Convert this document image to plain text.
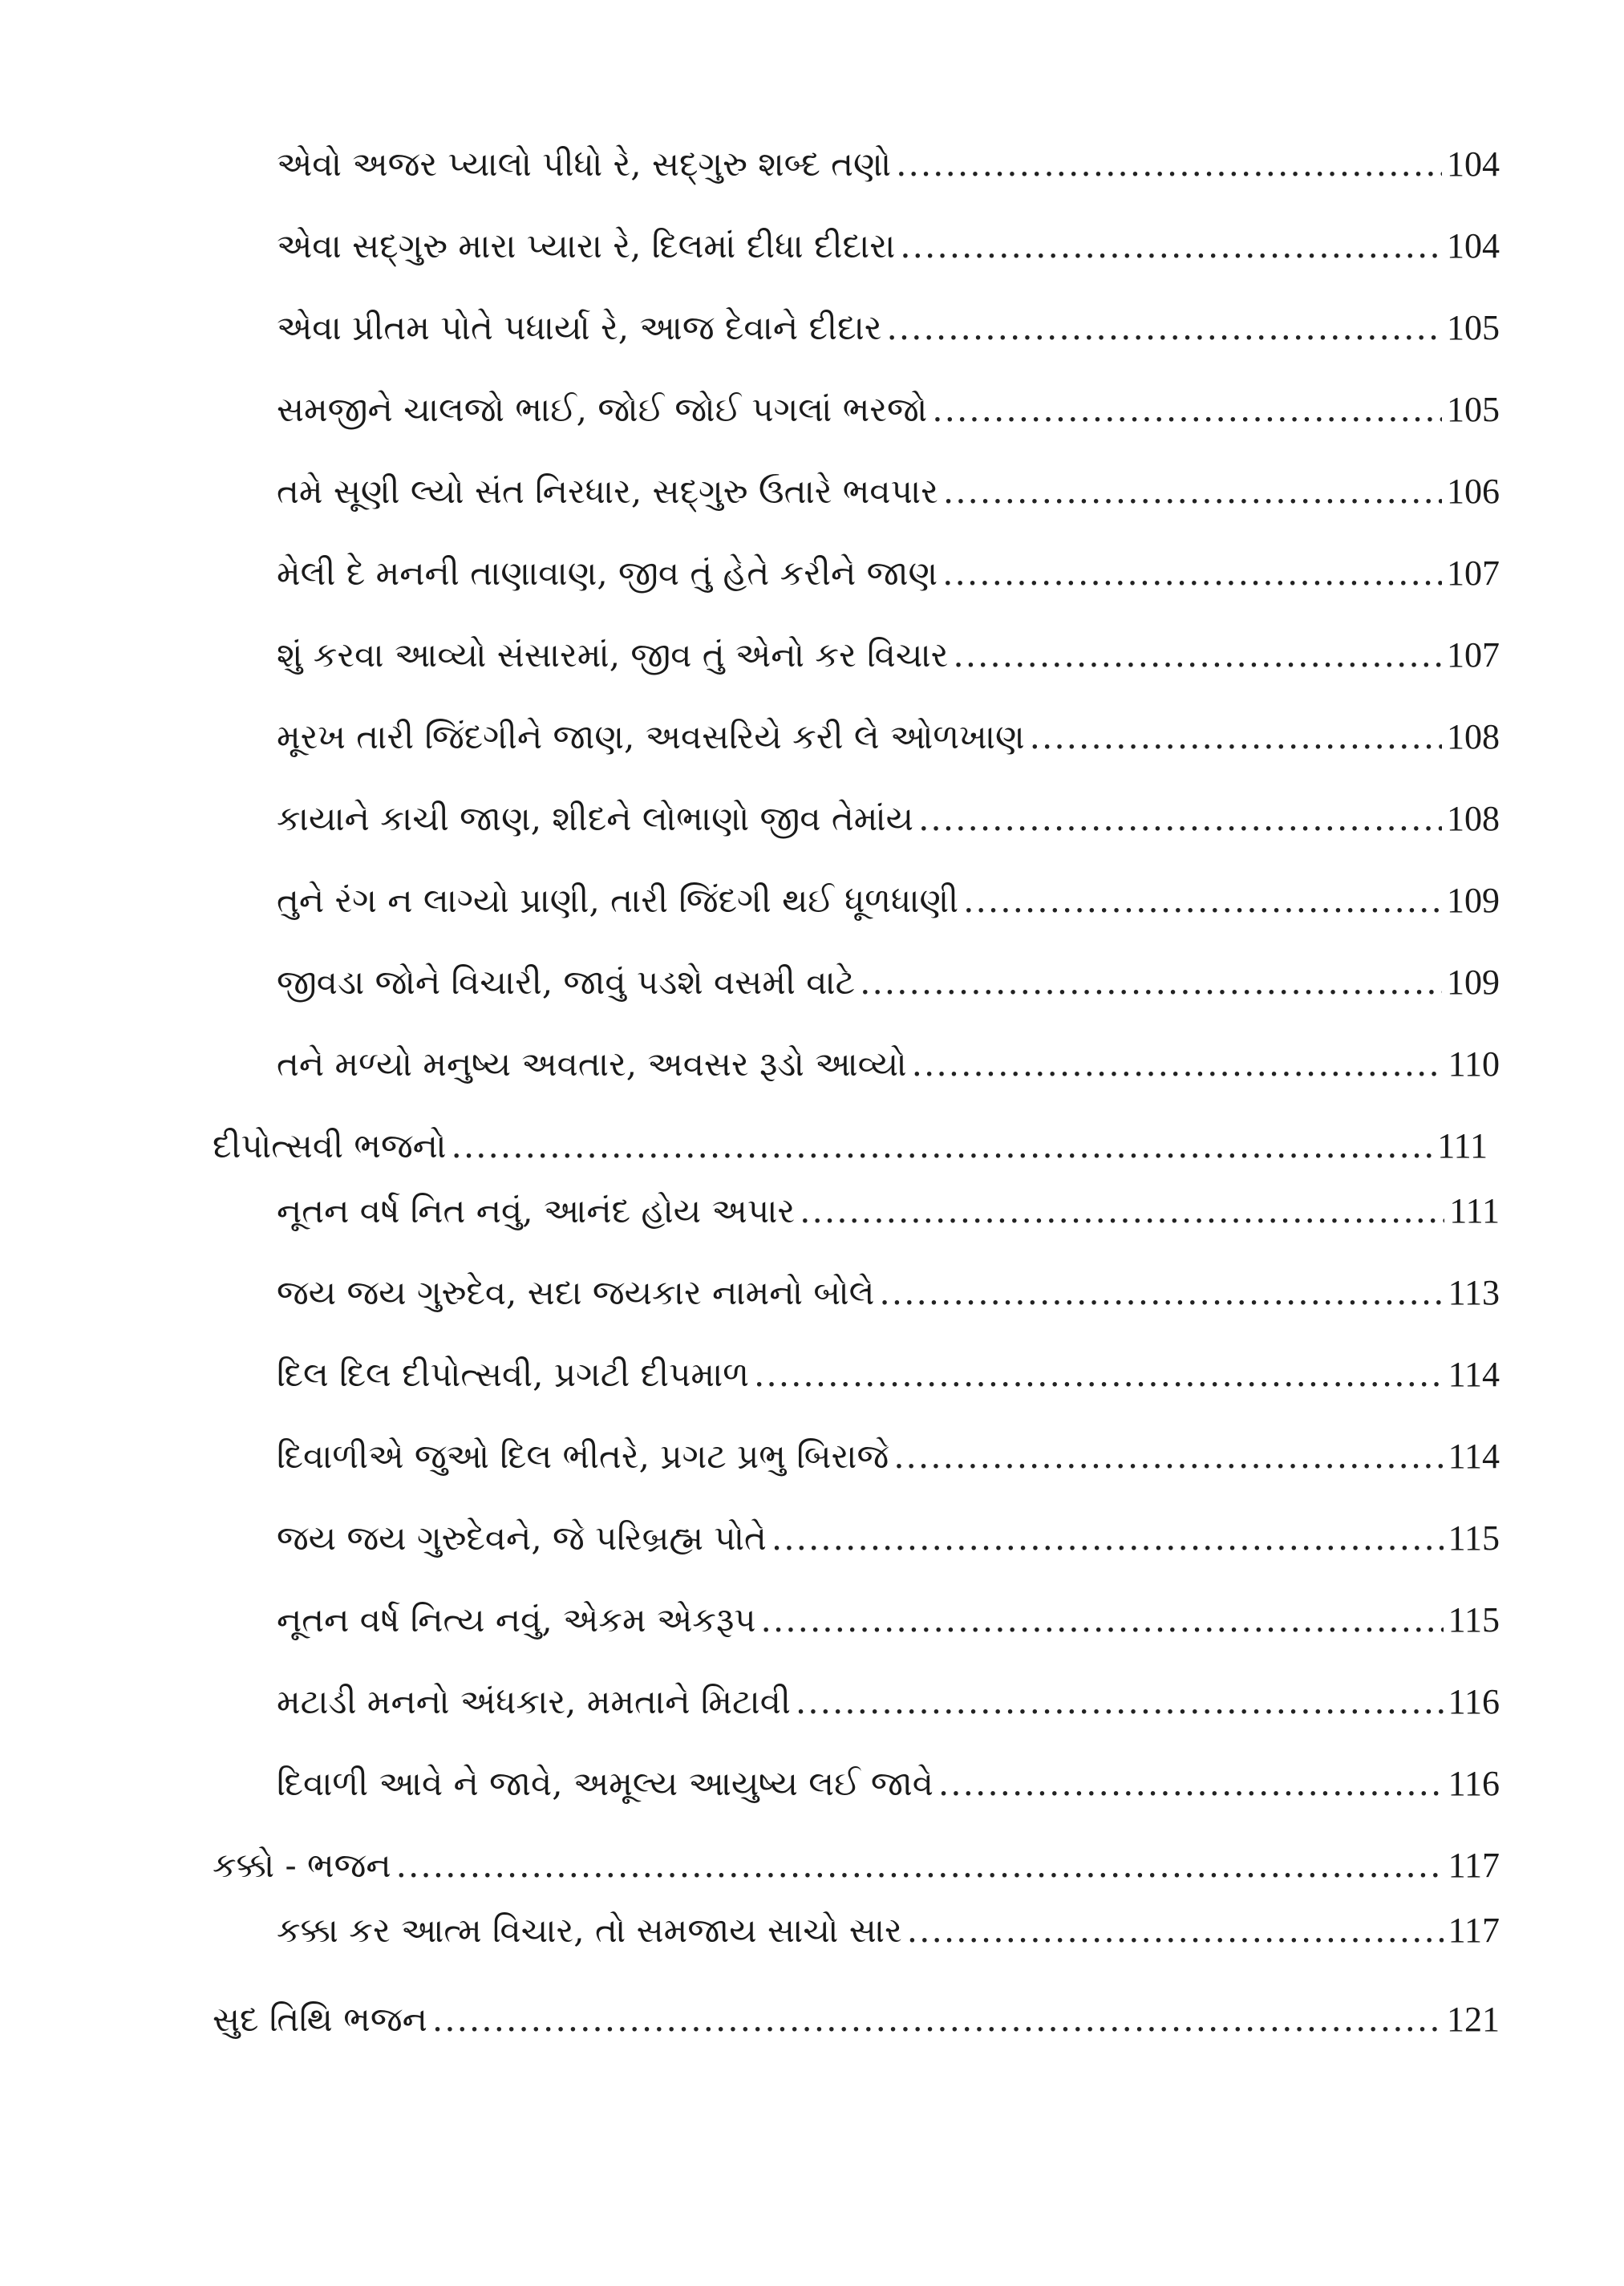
એવો અજર પ્યાલો પીધો રે, સદ્‌ગુરુ શબ્દ તણો .....	104
એવા સદ્‌ગુરુ મારા પ્યારા રે, દિલમાં દીધા દીદારા .....	104
એવા પ્રીતમ પોતે પધાર્યા રે, આજ દેવાને દીદાર .....	105
સમજીને ચાલજો ભાઈ, જોઈ જોઈ પગલાં ભરજો .....	105
તમે સૂણી લ્યો સંત નિરધાર, સદ્‌ગુરુ ઉતારે ભવપાર .....	106
મેલી દે મનની તાણાવાણ, જીવ તું હેતે કરીને જાણ .....	107
શું કરવા આવ્યો સંસારમાં, જીવ તું એનો કર વિચાર .....	107
મૂરખ તારી જિંદગીને જાણ, અવસરિયે કરી લે ઓળખાણ .....	108
કાયાને કાચી જાણ, શીદને લોભાણો જીવ તેમાંય .....	108
તુને રંગ ન લાગ્યો પ્રાણી, તારી જિંદગી થઈ ધૂળધાણી .....	109
જીવડા જોને વિચારી, જાવું પડશે વસમી વાટે .....	109
તને મળ્યો મનુષ્ય અવતાર, અવસર રૂડો આવ્યો .....	110
દીપોત્સવી ભજનો .....	111
નૂતન વર્ષ નિત નવું, આનંદ હોય અપાર .....	111
જય જય ગુરુદેવ, સદા જયકાર નામનો બોલે .....	113
દિલ દિલ દીપોત્સવી, પ્રગટી દીપમાળ .....	114
દિવાળીએ જુઓ દિલ ભીતરે, પ્રગટ પ્રભુ બિરાજે .....	114
જય જય ગુરુદેવને, જે પરિબ્રહ્મ પોતે .....	115
નૂતન વર્ષ નિત્ય નવું, એકમ એકરૂપ .....	115
મટાડી મનનો અંધકાર, મમતાને મિટાવી .....	116
દિવાળી આવે ને જાવે, અમૂલ્ય આયુષ્ય લઈ જાવે .....	116
કક્કો - ભજન .....	117
કક્કા કર આત્મ વિચાર, તો સમજાય સાચો સાર .....	117
સુદ તિથિ ભજન .....	121
